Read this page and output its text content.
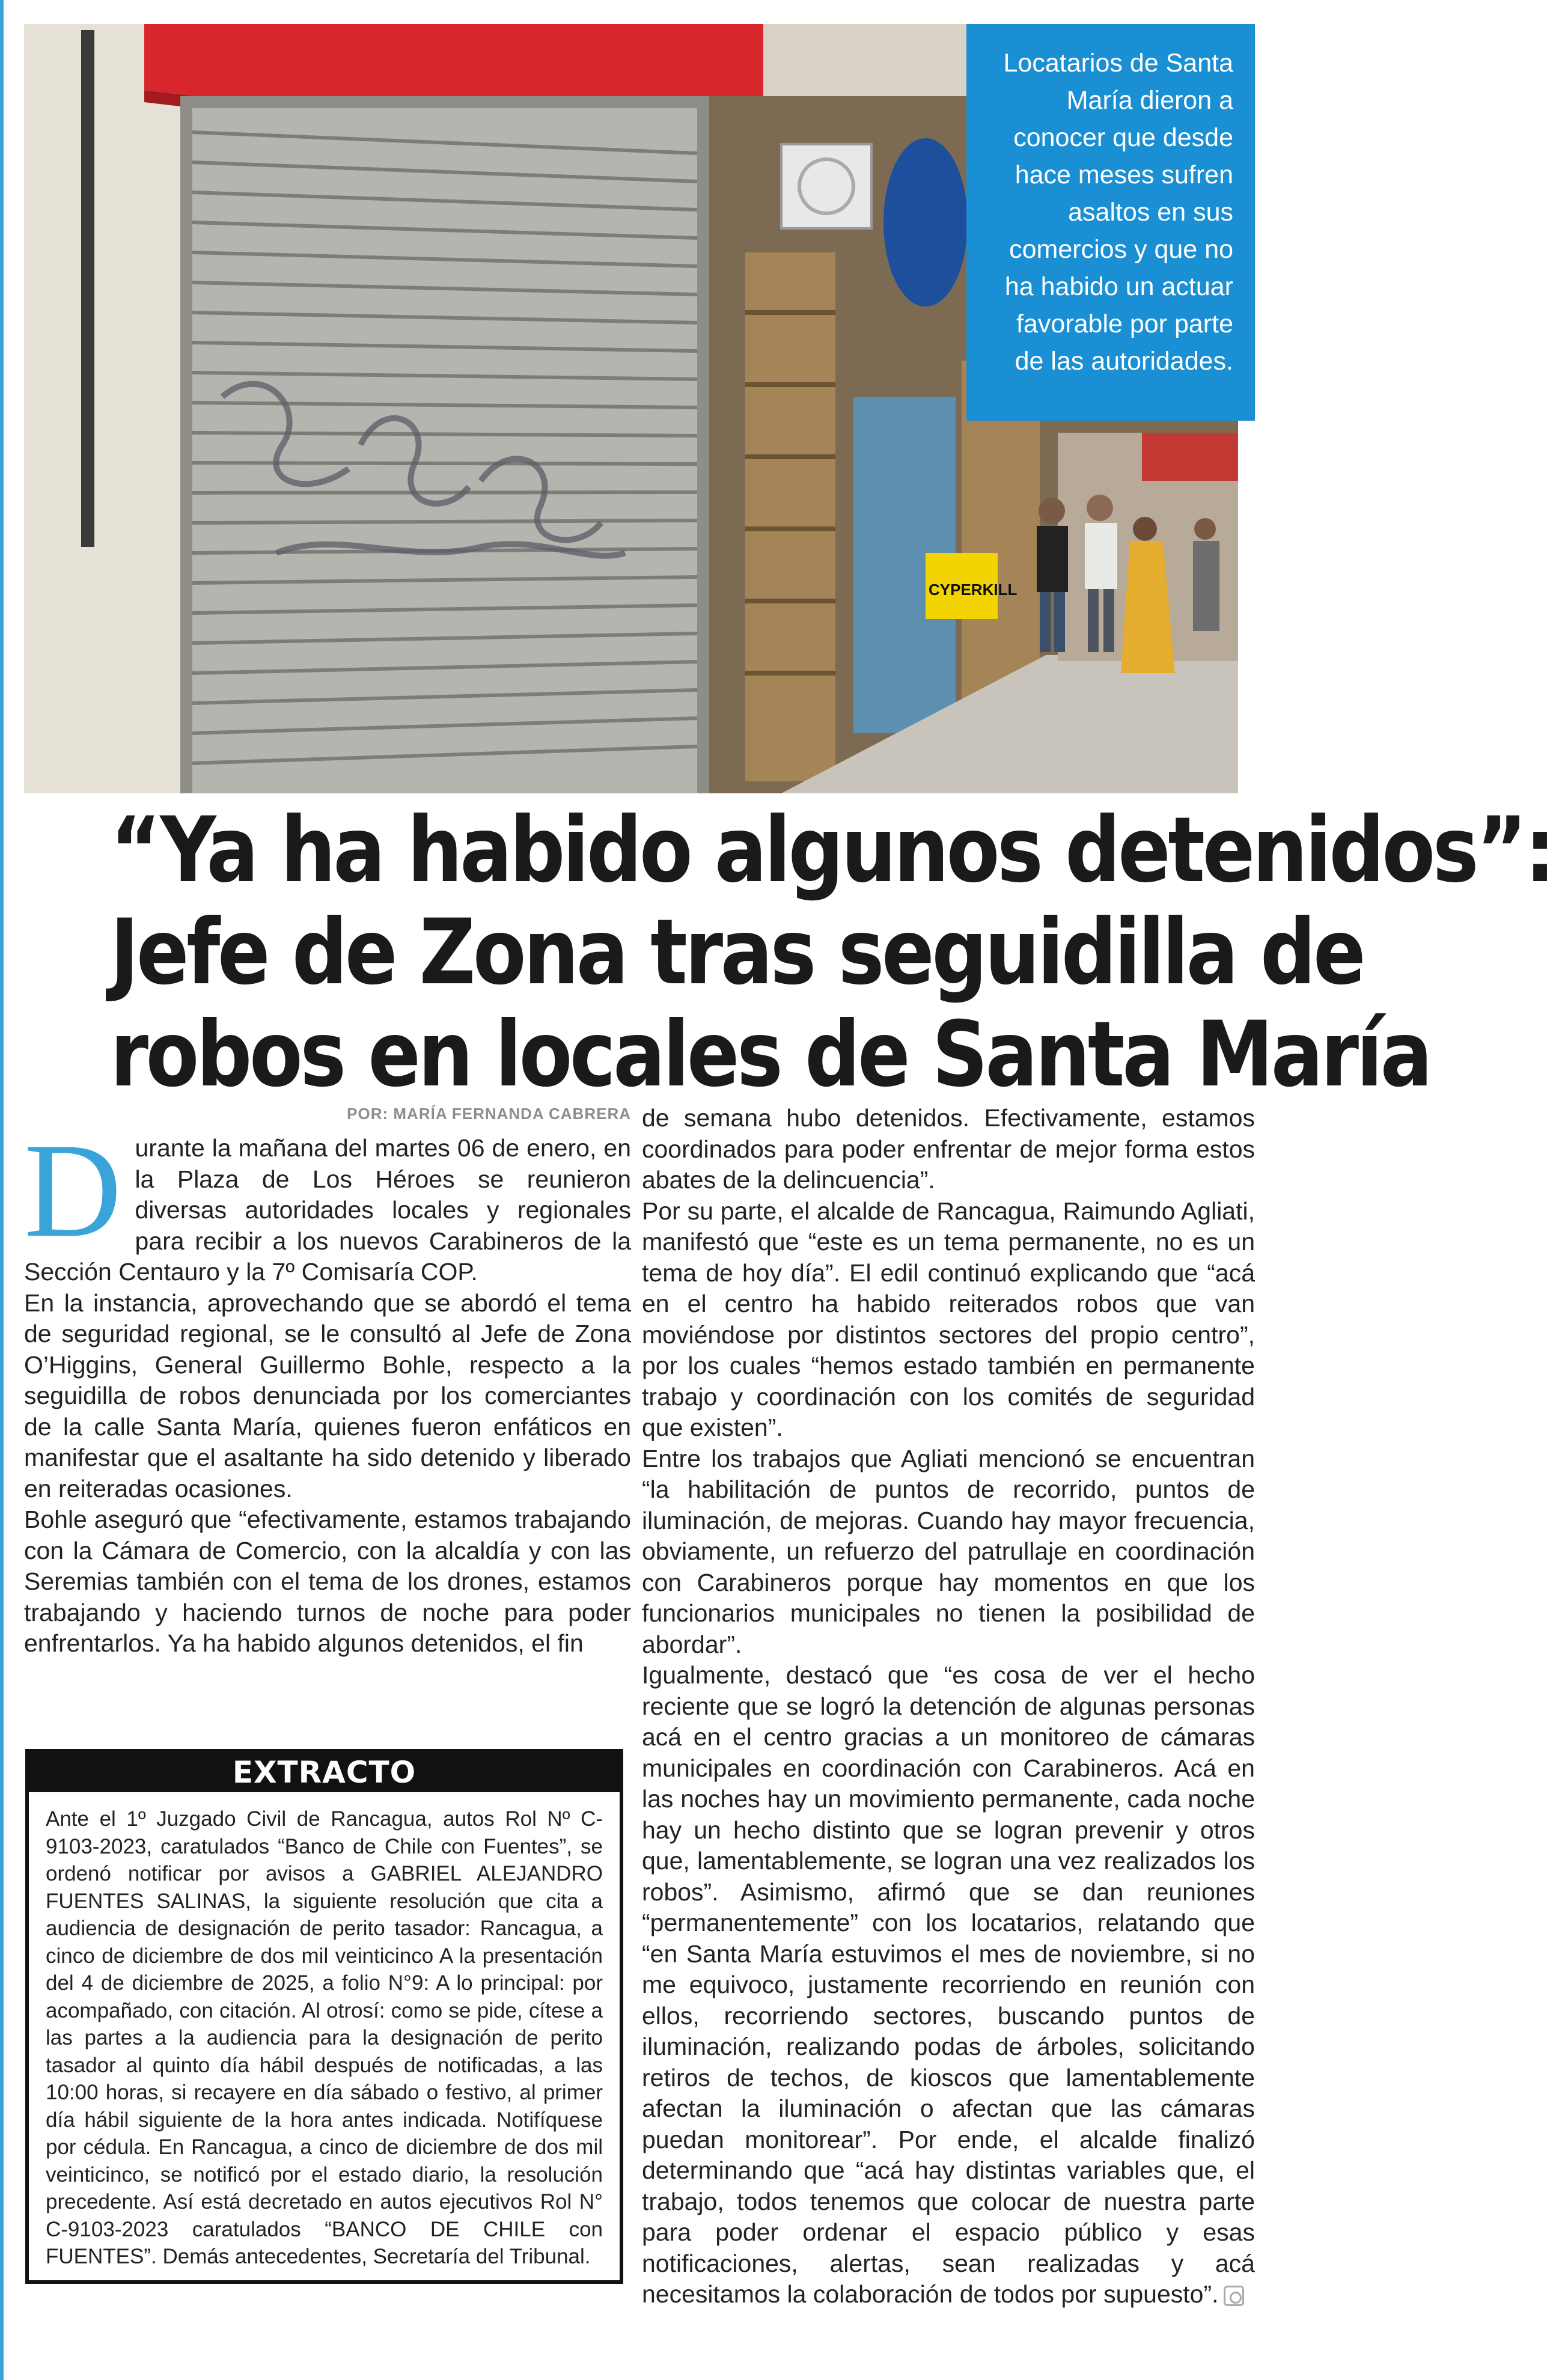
CYPERKILL
Locatarios de Santa María dieron a conocer que desde hace meses sufren asaltos en sus comercios y que no ha habido un actuar favorable por parte de las autoridades.
“Ya ha habido algunos detenidos”:
Jefe de Zona tras seguidilla de
robos en locales de Santa María
POR: MARÍA FERNANDA CABRERA

Durante la mañana del martes 06 de enero, en la Plaza de Los Héroes se reunieron diversas autoridades locales y regionales para recibir a los nuevos Carabineros de la Sección Centauro y la 7º Comisaría COP.

En la instancia, aprovechando que se abordó el tema de seguridad regional, se le consultó al Jefe de Zona O’Higgins, General Guillermo Bohle, respecto a la seguidilla de robos denunciada por los comerciantes de la calle Santa María, quienes fueron enfáticos en manifestar que el asaltante ha sido detenido y liberado en reiteradas ocasiones.

Bohle aseguró que “efectivamente, estamos trabajando con la Cámara de Comercio, con la alcaldía y con las Seremias también con el tema de los drones, estamos trabajando y haciendo turnos de noche para poder enfrentarlos. Ya ha habido algunos detenidos, el fin

EXTRACTO
Ante el 1º Juzgado Civil de Rancagua, autos Rol Nº C-9103-2023, caratulados “Banco de Chile con Fuentes”, se ordenó notificar por avisos a GABRIEL ALEJANDRO FUENTES SALINAS, la siguiente resolución que cita a audiencia de designación de perito tasador: Rancagua, a cinco de diciembre de dos mil veinticinco A la presentación del 4 de diciembre de 2025, a folio N°9: A lo principal: por acompañado, con citación. Al otrosí: como se pide, cítese a las partes a la audiencia para la designación de perito tasador al quinto día hábil después de notificadas, a las 10:00 horas, si recayere en día sábado o festivo, al primer día hábil siguiente de la hora antes indicada. Notifíquese por cédula. En Rancagua, a cinco de diciembre de dos mil veinticinco, se notificó por el estado diario, la resolución precedente. Así está decretado en autos ejecutivos Rol N° C-9103-2023 caratulados “BANCO DE CHILE con FUENTES”. Demás antecedentes, Secretaría del Tribunal.

de semana hubo detenidos. Efectivamente, estamos coordinados para poder enfrentar de mejor forma estos abates de la delincuencia”.

Por su parte, el alcalde de Rancagua, Raimundo Agliati, manifestó que “este es un tema permanente, no es un tema de hoy día”. El edil continuó explicando que “acá en el centro ha habido reiterados robos que van moviéndose por distintos sectores del propio centro”, por los cuales “hemos estado también en permanente trabajo y coordinación con los comités de seguridad que existen”.

Entre los trabajos que Agliati mencionó se encuentran “la habilitación de puntos de recorrido, puntos de iluminación, de mejoras. Cuando hay mayor frecuencia, obviamente, un refuerzo del patrullaje en coordinación con Carabineros porque hay momentos en que los funcionarios municipales no tienen la posibilidad de abordar”.

Igualmente, destacó que “es cosa de ver el hecho reciente que se logró la detención de algunas personas acá en el centro gracias a un monitoreo de cámaras municipales en coordinación con Carabineros. Acá en las noches hay un movimiento permanente, cada noche hay un hecho distinto que se logran prevenir y otros que, lamentablemente, se logran una vez realizados los robos”. Asimismo, afirmó que se dan reuniones “permanentemente” con los locatarios, relatando que “en Santa María estuvimos el mes de noviembre, si no me equivoco, justamente recorriendo en reunión con ellos, recorriendo sectores, buscando puntos de iluminación, realizando podas de árboles, solicitando retiros de techos, de kioscos que lamentablemente afectan la iluminación o afectan que las cámaras puedan monitorear”. Por ende, el alcalde finalizó determinando que “acá hay distintas variables que, el trabajo, todos tenemos que colocar de nuestra parte para poder ordenar el espacio público y esas notificaciones, alertas, sean realizadas y acá necesitamos la colaboración de todos por supuesto”.
